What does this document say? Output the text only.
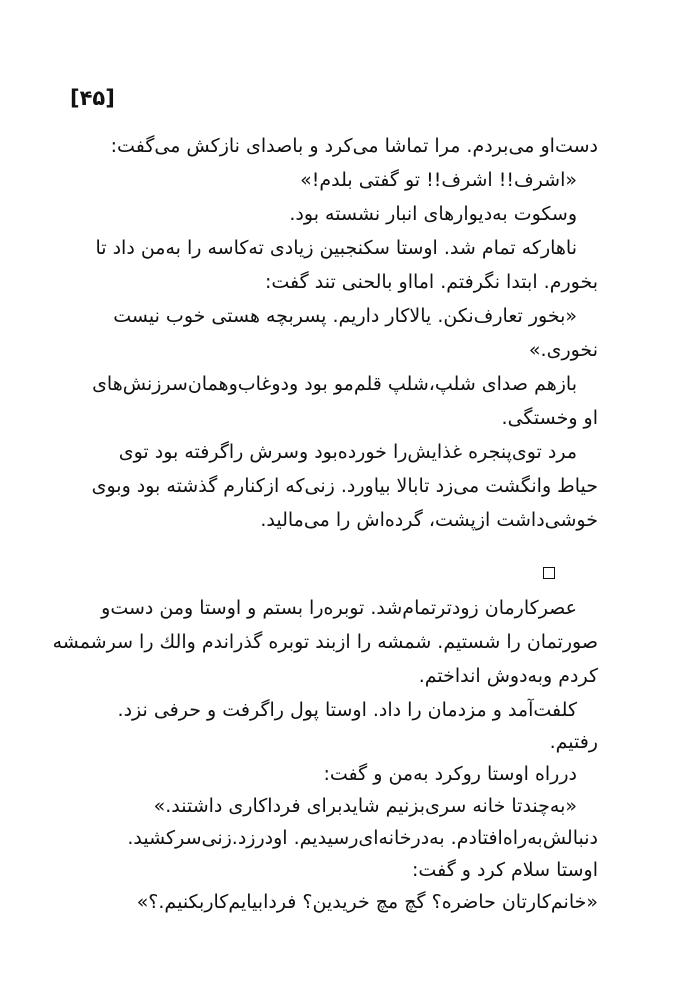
[۴۵]
دست‌او می‌بردم. مرا تماشا می‌کرد و باصدای نازکش می‌گفت:
«اشرف!! اشرف!! تو گفتی بلدم!»
وسکوت به‌دیوارهای انبار نشسته بود.
ناهارکه تمام شد. اوستا سکنجبین زیادی ته‌کاسه را به‌من داد تا
بخورم. ابتدا نگرفتم. امااو بالحنی تند گفت:
«بخور تعارف‌نکن. یالاکار داریم. پسربچه هستی خوب نیست
نخوری.»
بازهم صدای شلپ،شلپ قلم‌مو بود ودوغاب‌وهمان‌سرزنش‌های
او وخستگی.
مرد توی‌پنجره غذایش‌را خورده‌بود وسرش راگرفته بود توی
حیاط وانگشت می‌زد تابالا بیاورد. زنی‌که ازکنارم گذشته بود وبوی
خوشی‌داشت ازپشت، گرده‌اش را می‌مالید.
عصرکارمان زودترتمام‌شد. توبره‌را بستم و اوستا ومن دست‌و
صورتمان را شستیم. شمشه را ازبند توبره گذراندم والك را سرشمشه
کردم وبه‌دوش انداختم.
کلفت‌آمد و مزدمان را داد. اوستا پول راگرفت و حرفی نزد.
رفتیم.
درراه اوستا روکرد به‌من و گفت:
«به‌چندتا خانه سری‌بزنیم شایدبرای فرداکاری داشتند.»
دنبالش‌به‌راه‌افتادم. به‌درخانه‌ای‌رسیدیم. اودرزد.زنی‌سرکشید.
اوستا سلام کرد و گفت:
«خانم‌کارتان حاضره؟ گچ مچ خریدین؟ فردابیایم‌کاربکنیم.؟»
